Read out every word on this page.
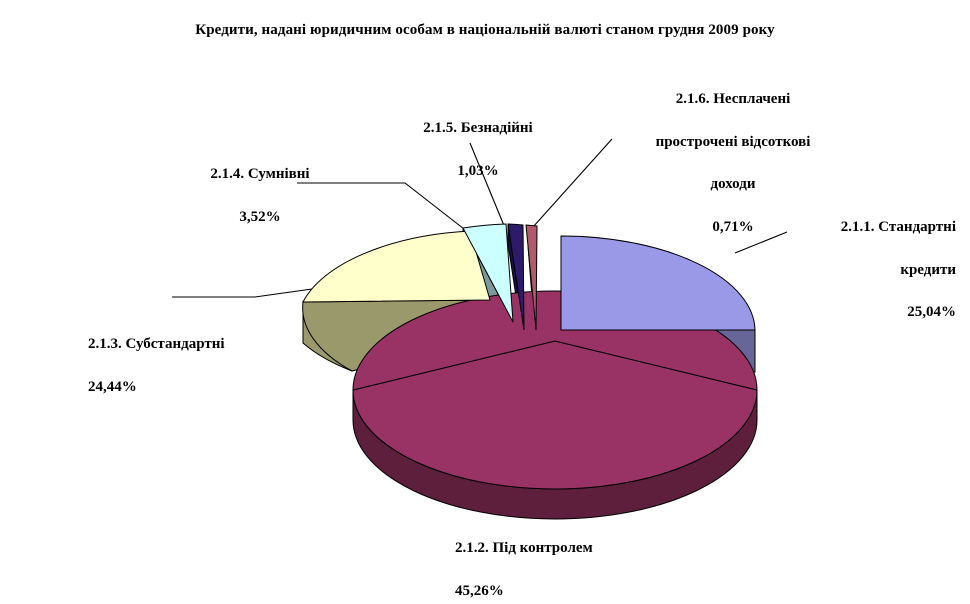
Кредити, надані юридичним особам в національній валюті станом грудня 2009 року

2.1.1. Стандартні

кредити

25,04%

2.1.2. Під контролем

45,26%

2.1.3. Субстандартні

24,44%

2.1.4. Сумнівні

3,52%

2.1.5. Безнадійні

1,03%

2.1.6. Несплачені

прострочені відсоткові

доходи

0,71%
